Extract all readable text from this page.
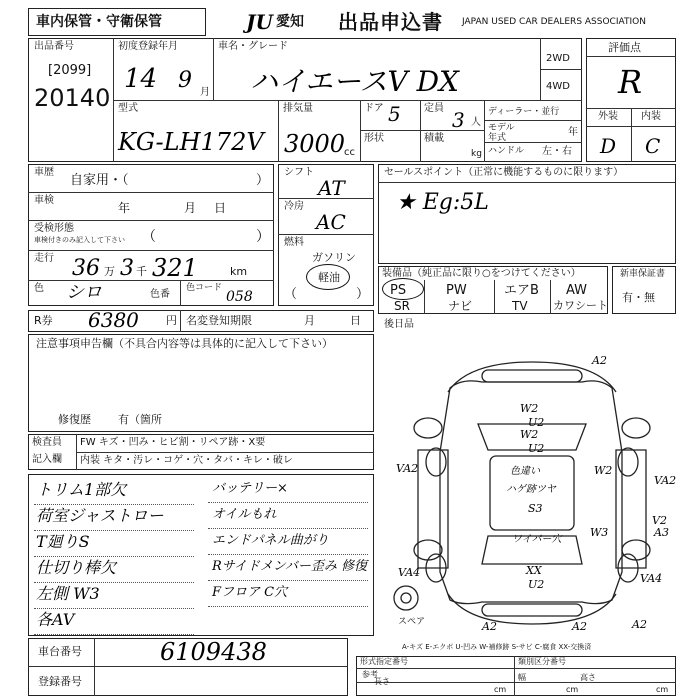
車内保管・守衛保管	JU 愛知 出品申込書 JAPAN USED CAR DEALERS ASSOCIATION
出品番号
[2099]
20140
初度登録年月
14 9 月
車名・グレード
ハイエースV DX
2WD
4WD
評価点
R
外装 内装
D C
型式
KG-LH172V
排気量
3000
cc
ドア 5
形状
定員 3 人
積載
kg
ディーラー・並行
モデル
年式	年
ハンドル 左・右
車歴
自家用・（	）
車検
年	月 日
受検形態
車検付きのみ記入して下さい （	）
走行 36 万 3 千 321	km
色 シロ	色番
色コード
058
シフト
AT
冷房
AC
燃料
ガソリン
軽油
（	）
セールスポイント（正常に機能するものに限ります）
★ Eg:5L
装備品（純正品に限り○をつけてください）
PS	PW	エアB AW
SR	ナビ	TV カワシート
新車保証書
有・無
R券 6380 円 名変登知期限	月	日
注意事項申告欄（不具合内容等は具体的に記入して下さい）
修復歴 有（箇所
後日品
検査員
記入欄
FW キズ・凹み・ヒビ割・リペア跡・X要
内装 キタ・汚レ・コゲ・穴・タバ・キレ・破レ
トリム1部欠
荷室ジャストロー
T廻りS
仕切り棒欠
左側 W3
各AV
バッテリー×
オイルもれ
エンドパネル曲がり
Rサイドメンバー歪み 修復
Fフロア C穴
A2
W2
U2
W2
U2
VA2	W2
VA2
V2
A3
W3
VA4	VA4
XX
U2
ワイパー穴
S3
色違い
ハゲ跡ツヤ
A2	A2	A2
スペア
車台番号	6109438
登録番号
A-キズ E-エクボ U-凹み W-補修跡 S-サビ C-腐食 XX-交換済
形式指定番号	類別区分番号
参考
長さ
cm
幅
cm
高さ
cm
